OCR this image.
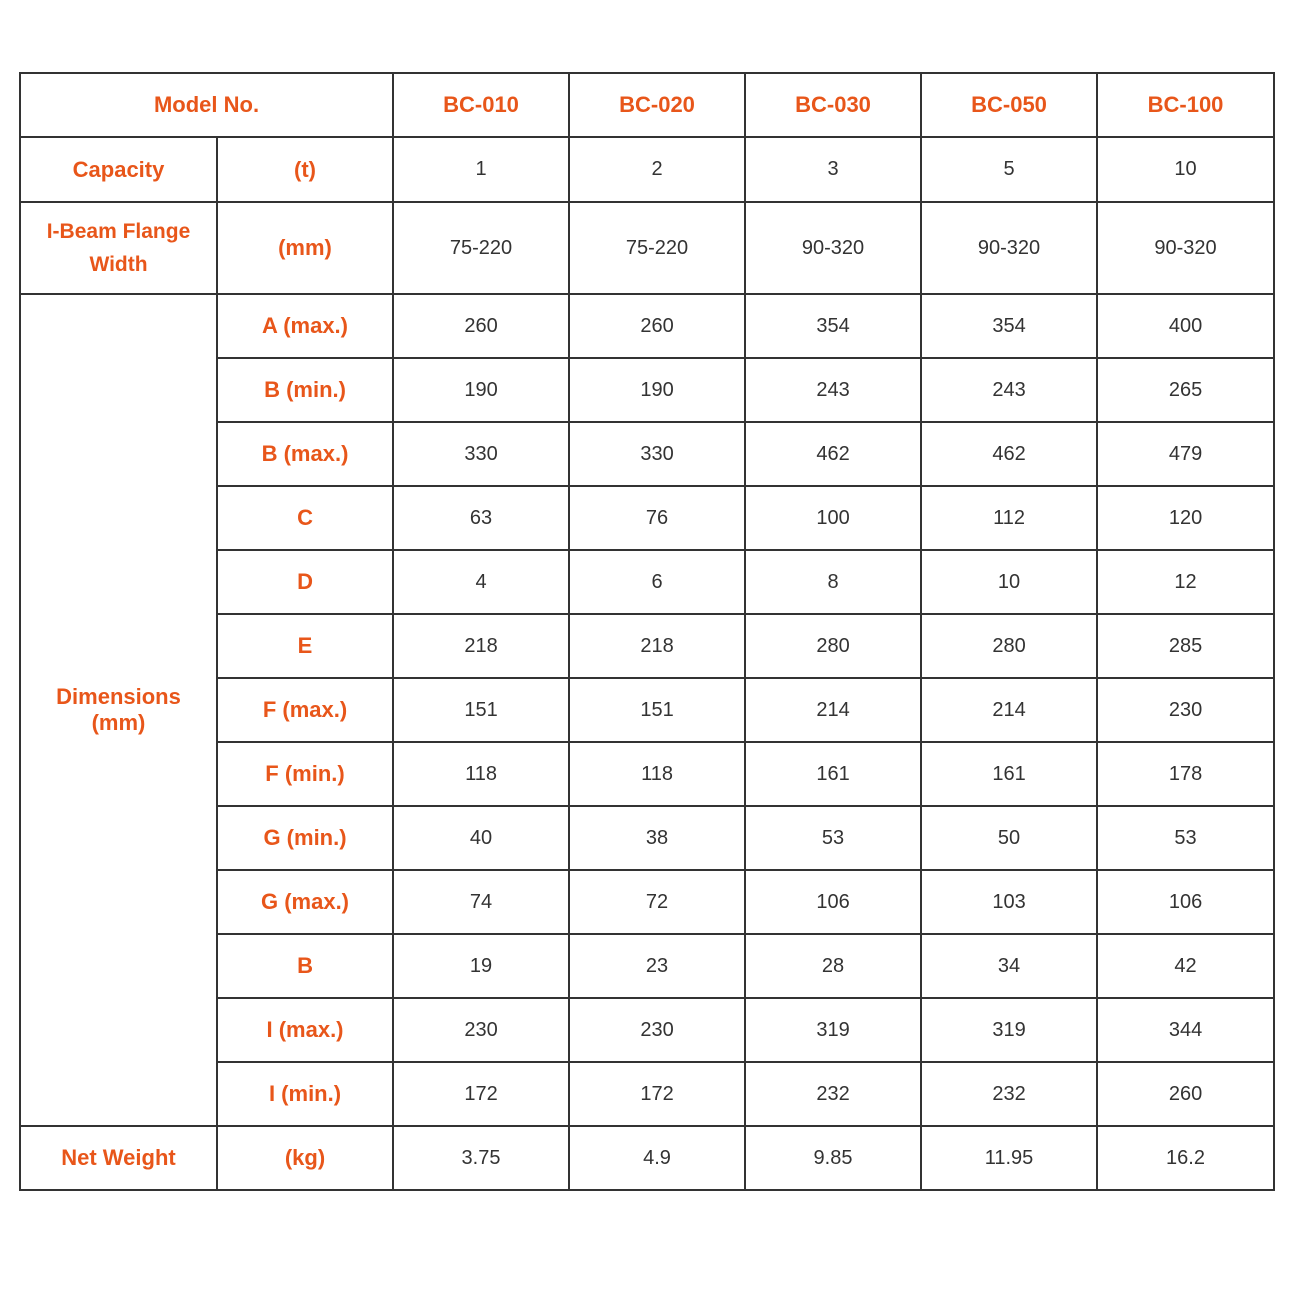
Model No.		BC-010	BC-020	BC-030	BC-050	BC-100
Capacity	(t)	1	2	3	5	10

I-Beam Flange
Width	(mm)	75-220	75-220	90-320	90-320	90-320

Dimensions
(mm)	A (max.)	260	260	354	354	400
	B (min.)	190	190	243	243	265
	B (max.)	330	330	462	462	479
	C	63	76	100	112	120
	D	4	6	8	10	12
	E	218	218	280	280	285
	F (max.)	151	151	214	214	230
	F (min.)	118	118	161	161	178
	G (min.)	40	38	53	50	53
	G (max.)	74	72	106	103	106
	B	19	23	28	34	42
	I (max.)	230	230	319	319	344
	I (min.)	172	172	232	232	260
Net Weight	(kg)	3.75	4.9	9.85	11.95	16.2
